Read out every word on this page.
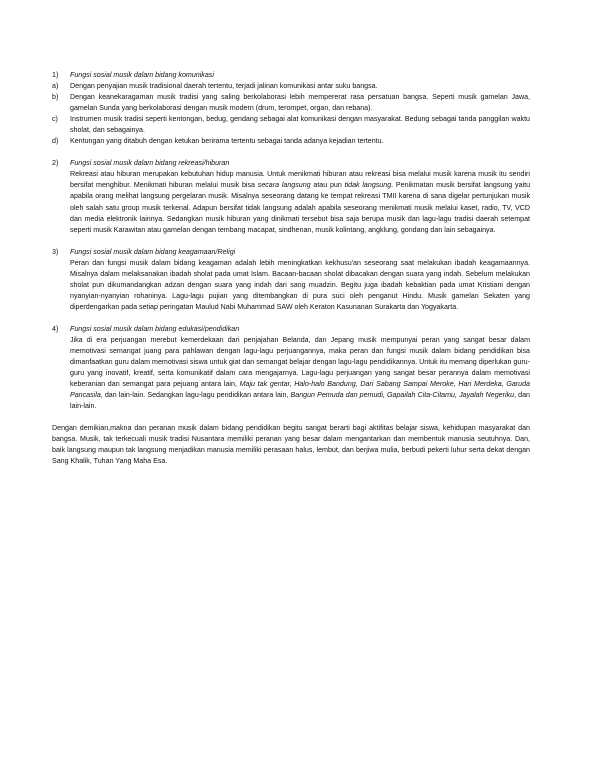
1)	Fungsi sosial musik dalam bidang komunikasi
a)	Dengan penyajian musik tradisional daerah tertentu, terjadi jalinan komunikasi antar suku bangsa.
b)	Dengan keanekaragaman musik tradisi yang saling berkolaborasi lebih mempererat rasa persatuan bangsa. Seperti musik gamelan Jawa, gamelan Sunda yang berkolaborasi dengan musik modern (drum, terompet, organ, dan rebana).
c)	Instrumen musik tradisi seperti kentongan, bedug, gendang sebagai alat komunikasi dengan masyarakat. Bedung sebagai tanda panggilan waktu sholat, dan sebagainya.
d)	Kentungan yang ditabuh dengan ketukan berirama tertentu sebagai tanda adanya kejadian tertentu.
2)	Fungsi sosial musik dalam bidang rekreasi/hiburan
Rekreasi atau hiburan merupakan kebutuhan hidup manusia. Untuk menikmati hiburan atau rekreasi bisa melalui musik karena musik itu sendiri bersifat menghibur. Menikmati hiburan melalui musik bisa secara langsung atau pun tidak langsung. Penikmatan musik bersifat langsung yaitu apabila orang melihat langsung pergelaran musik. Misalnya seseorang datang ke tempat rekreasi TMII karena di sana digelar pertunjukan musik oleh salah satu group musik terkenal. Adapun bersifat tidak langsung adalah apabila seseorang menikmati musik melalui kaset, radio, TV, VCD dan media elektronik lainnya. Sedangkan musik hiburan yang dinikmati tersebut bisa saja berupa musik dan lagu-lagu tradisi daerah setempat seperti musik Karawitan atau gamelan dengan tembang macapat, sindhenan, musik kolintang, angklung, gondang dan lain sebagainya.
3)	Fungsi sosial musik dalam bidang keagamaan/Religi
Peran dan fungsi musik dalam bidang keagaman adalah lebih meningkatkan kekhusu'an seseorang saat melakukan ibadah keagamaannya. Misalnya dalam melaksanakan ibadah sholat pada umat Islam. Bacaan-bacaan sholat dibacakan dengan suara yang indah. Sebelum melakukan sholat pun dikumandangkan adzan dengan suara yang indah dari sang muadzin. Begitu juga ibadah kebaktian pada umat Kristiani dengan nyanyian-nyanyian rohaninya. Lagu-lagu pujian yang ditembangkan di pura suci oleh penganut Hindu. Musik gamelan Sekaten yang diperdengarkan pada setiap peringatan Maulud Nabi Muhammad SAW oleh Keraton Kasunanan Surakarta dan Yogyakarta.
4)	Fungsi sosial musik dalam bidang edukasi/pendidikan
Jika di era perjuangan merebut kemerdekaan dari penjajahan Belanda, dan Jepang musik mempunyai peran yang sangat besar dalam memotivasi semangat juang para pahlawan dengan lagu-lagu perjuangannya, maka peran dan fungsi musik dalam bidang pendidikan bisa dimanfaatkan guru dalam memotivasi siswa untuk giat dan semangat belajar dengan lagu-lagu pendidikannya. Untuk itu memang diperlukan guru-guru yang inovatif, kreatif, serta komunikatif dalam cara mengajarnya. Lagu-lagu perjuangan yang sangat besar perannya dalam memotivasi keberanian dan semangat para pejuang antara lain, Maju tak gentar, Halo-halo Bandung, Dari Sabang Sampai Meroke, Hari Merdeka, Garuda Pancasila, dan lain-lain. Sedangkan lagu-lagu pendidikan antara lain, Bangun Pemuda dan pemudi, Gapailah Cita-Citamu, Jayalah Negeriku, dan lain-lain.
Dengan demikian,makna dan peranan musik dalam bidang pendidikan begitu sangat berarti bagi aktifitas belajar siswa, kehidupan masyarakat dan bangsa. Musik, tak terkecuali musik tradisi Nusantara memiliki peranan yang besar dalam mengantarkan dan membentuk manusia seutuhnya. Dan, baik langsung maupun tak langsung menjadikan manusia memiliki perasaan halus, lembut, dan berjiwa mulia, berbudi pekerti luhur serta dekat dengan Sang Khalik, Tuhan Yang Maha Esa.
